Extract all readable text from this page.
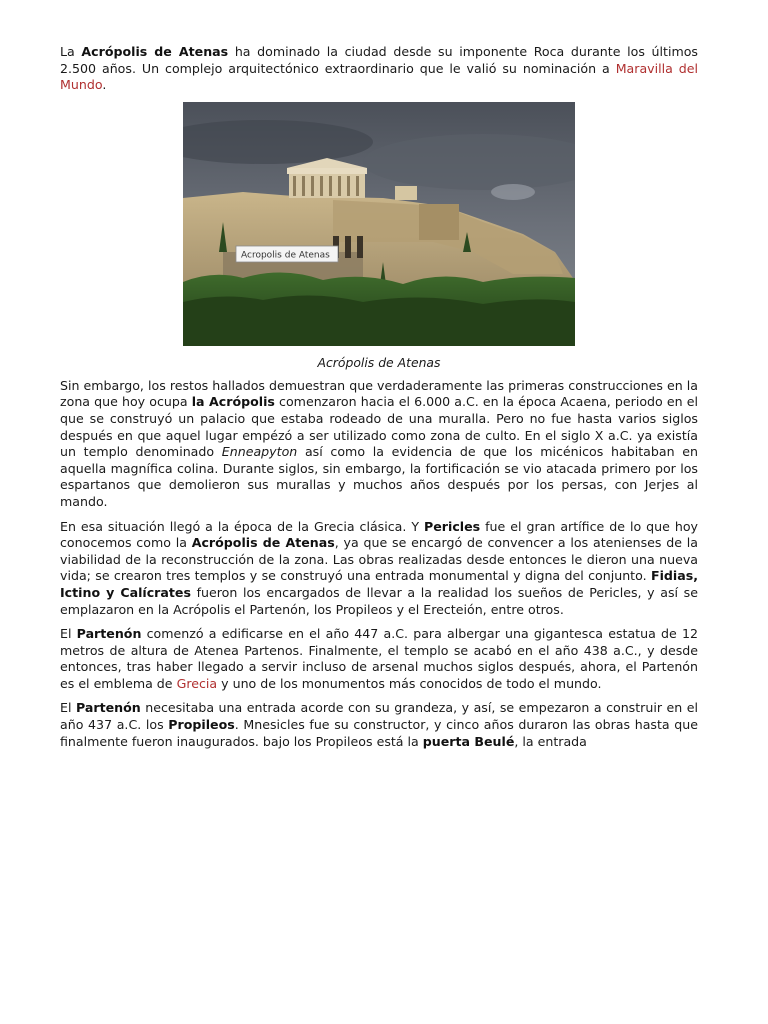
La Acrópolis de Atenas ha dominado la ciudad desde su imponente Roca durante los últimos 2.500 años. Un complejo arquitectónico extraordinario que le valió su nominación a Maravilla del Mundo.

Acropolis de Atenas
Acrópolis de Atenas

Sin embargo, los restos hallados demuestran que verdaderamente las primeras construcciones en la zona que hoy ocupa la Acrópolis comenzaron hacia el 6.000 a.C. en la época Acaena, periodo en el que se construyó un palacio que estaba rodeado de una muralla. Pero no fue hasta varios siglos después en que aquel lugar empézó a ser utilizado como zona de culto. En el siglo X a.C. ya existía un templo denominado Enneapyton así como la evidencia de que los micénicos habitaban en aquella magnífica colina. Durante siglos, sin embargo, la fortificación se vio atacada primero por los espartanos que demolieron sus murallas y muchos años después por los persas, con Jerjes al mando.

En esa situación llegó a la época de la Grecia clásica. Y Pericles fue el gran artífice de lo que hoy conocemos como la Acrópolis de Atenas, ya que se encargó de convencer a los atenienses de la viabilidad de la reconstrucción de la zona. Las obras realizadas desde entonces le dieron una nueva vida; se crearon tres templos y se construyó una entrada monumental y digna del conjunto. Fidias, Ictino y Calícrates fueron los encargados de llevar a la realidad los sueños de Pericles, y así se emplazaron en la Acrópolis el Partenón, los Propileos y el Erecteión, entre otros.

El Partenón comenzó a edificarse en el año 447 a.C. para albergar una gigantesca estatua de 12 metros de altura de Atenea Partenos. Finalmente, el templo se acabó en el año 438 a.C., y desde entonces, tras haber llegado a servir incluso de arsenal muchos siglos después, ahora, el Partenón es el emblema de Grecia y uno de los monumentos más conocidos de todo el mundo.

El Partenón necesitaba una entrada acorde con su grandeza, y así, se empezaron a construir en el año 437 a.C. los Propileos. Mnesicles fue su constructor, y cinco años duraron las obras hasta que finalmente fueron inaugurados. bajo los Propileos está la puerta Beulé, la entrada
